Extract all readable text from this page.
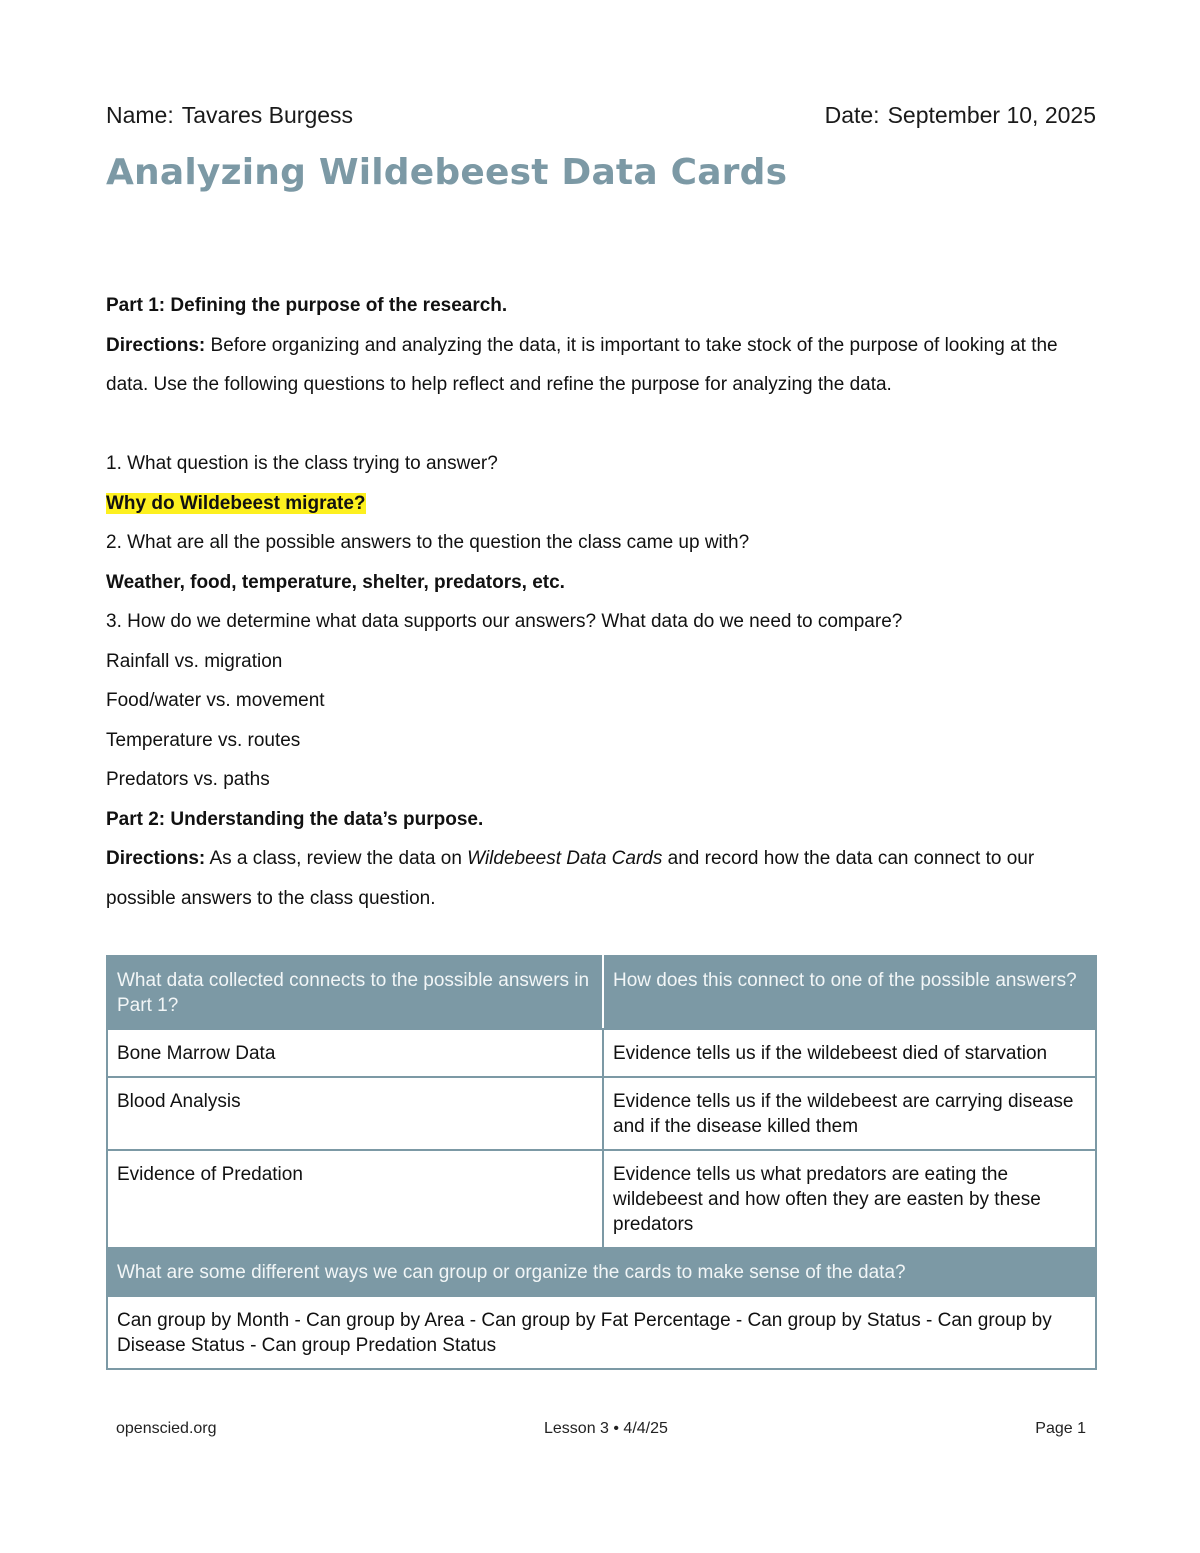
Name: Tavares Burgess	Date: September 10, 2025
Analyzing Wildebeest Data Cards

Part 1: Defining the purpose of the research.

Directions: Before organizing and analyzing the data, it is important to take stock of the purpose of looking at the data. Use the following questions to help reflect and refine the purpose for analyzing the data.

1. What question is the class trying to answer?

Why do Wildebeest migrate?

2. What are all the possible answers to the question the class came up with?

Weather, food, temperature, shelter, predators, etc.

3. How do we determine what data supports our answers? What data do we need to compare?

Rainfall vs. migration

Food/water vs. movement

Temperature vs. routes

Predators vs. paths

Part 2: Understanding the data’s purpose.

Directions: As a class, review the data on Wildebeest Data Cards and record how the data can connect to our possible answers to the class question.

What data collected connects to the possible answers in Part 1?	How does this connect to one of the possible answers?
Bone Marrow Data	Evidence tells us if the wildebeest died of starvation
Blood Analysis	Evidence tells us if the wildebeest are carrying disease and if the disease killed them
Evidence of Predation	Evidence tells us what predators are eating the wildebeest and how often they are easten by these predators
What are some different ways we can group or organize the cards to make sense of the data?	
Can group by Month - Can group by Area - Can group by Fat Percentage - Can group by Status - Can group by Disease Status - Can group Predation Status	
openscied.org	Lesson 3 • 4/4/25	Page 1
